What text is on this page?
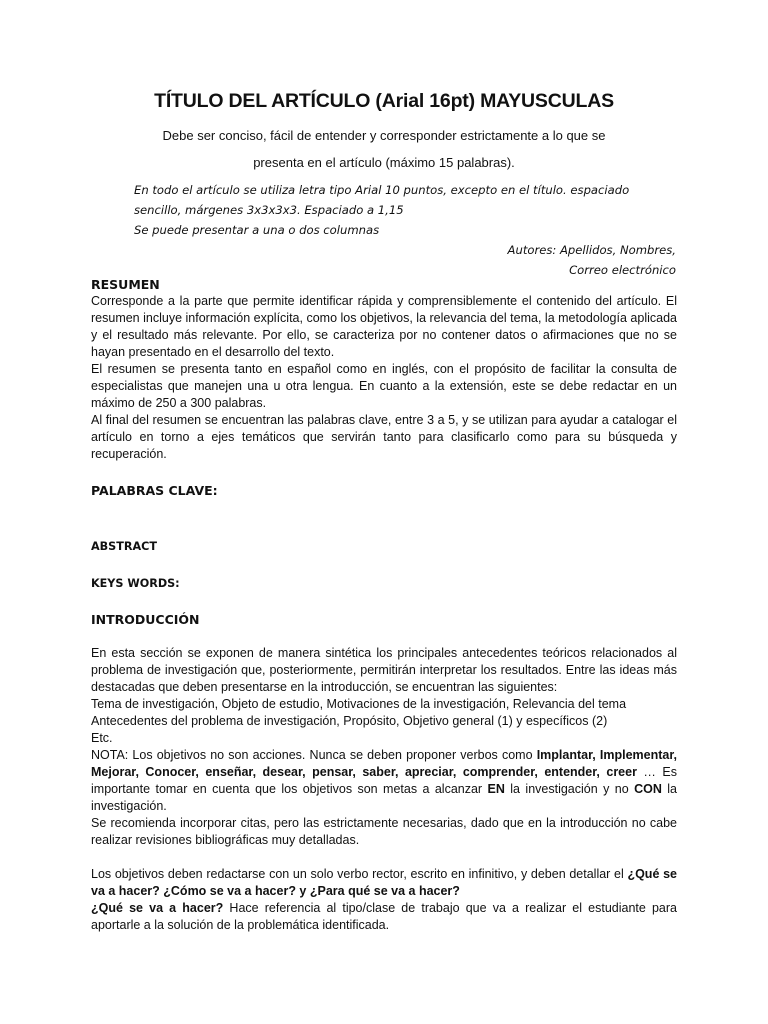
TÍTULO DEL ARTÍCULO (Arial 16pt) MAYUSCULAS
Debe ser conciso, fácil de entender y corresponder estrictamente a lo que se
presenta en el artículo (máximo 15 palabras).
En todo el artículo se utiliza letra tipo Arial 10 puntos, excepto en el título. espaciado
sencillo, márgenes 3x3x3x3. Espaciado a 1,15
Se puede presentar a una o dos columnas
Autores: Apellidos, Nombres,
Correo electrónico
RESUMEN

Corresponde a la parte que permite identificar rápida y comprensiblemente el contenido del artículo. El resumen incluye información explícita, como los objetivos, la relevancia del tema, la metodología aplicada y el resultado más relevante. Por ello, se caracteriza por no contener datos o afirmaciones que no se hayan presentado en el desarrollo del texto.

El resumen se presenta tanto en español como en inglés, con el propósito de facilitar la consulta de especialistas que manejen una u otra lengua. En cuanto a la extensión, este se debe redactar en un máximo de 250 a 300 palabras.

Al final del resumen se encuentran las palabras clave, entre 3 a 5, y se utilizan para ayudar a catalogar el artículo en torno a ejes temáticos que servirán tanto para clasificarlo como para su búsqueda y recuperación.

PALABRAS CLAVE:
ABSTRACT
KEYS WORDS:
INTRODUCCIÓN

En esta sección se exponen de manera sintética los principales antecedentes teóricos relacionados al problema de investigación que, posteriormente, permitirán interpretar los resultados. Entre las ideas más destacadas que deben presentarse en la introducción, se encuentran las siguientes:

Tema de investigación, Objeto de estudio, Motivaciones de la investigación, Relevancia del tema

Antecedentes del problema de investigación, Propósito, Objetivo general (1) y específicos (2)

Etc.

NOTA: Los objetivos no son acciones. Nunca se deben proponer verbos como Implantar, Implementar, Mejorar, Conocer, enseñar, desear, pensar, saber, apreciar, comprender, entender, creer … Es importante tomar en cuenta que los objetivos son metas a alcanzar EN la investigación y no CON la investigación.

Se recomienda incorporar citas, pero las estrictamente necesarias, dado que en la introducción no cabe realizar revisiones bibliográficas muy detalladas.

Los objetivos deben redactarse con un solo verbo rector, escrito en infinitivo, y deben detallar el ¿Qué se va a hacer? ¿Cómo se va a hacer? y ¿Para qué se va a hacer?

¿Qué se va a hacer? Hace referencia al tipo/clase de trabajo que va a realizar el estudiante para aportarle a la solución de la problemática identificada.
